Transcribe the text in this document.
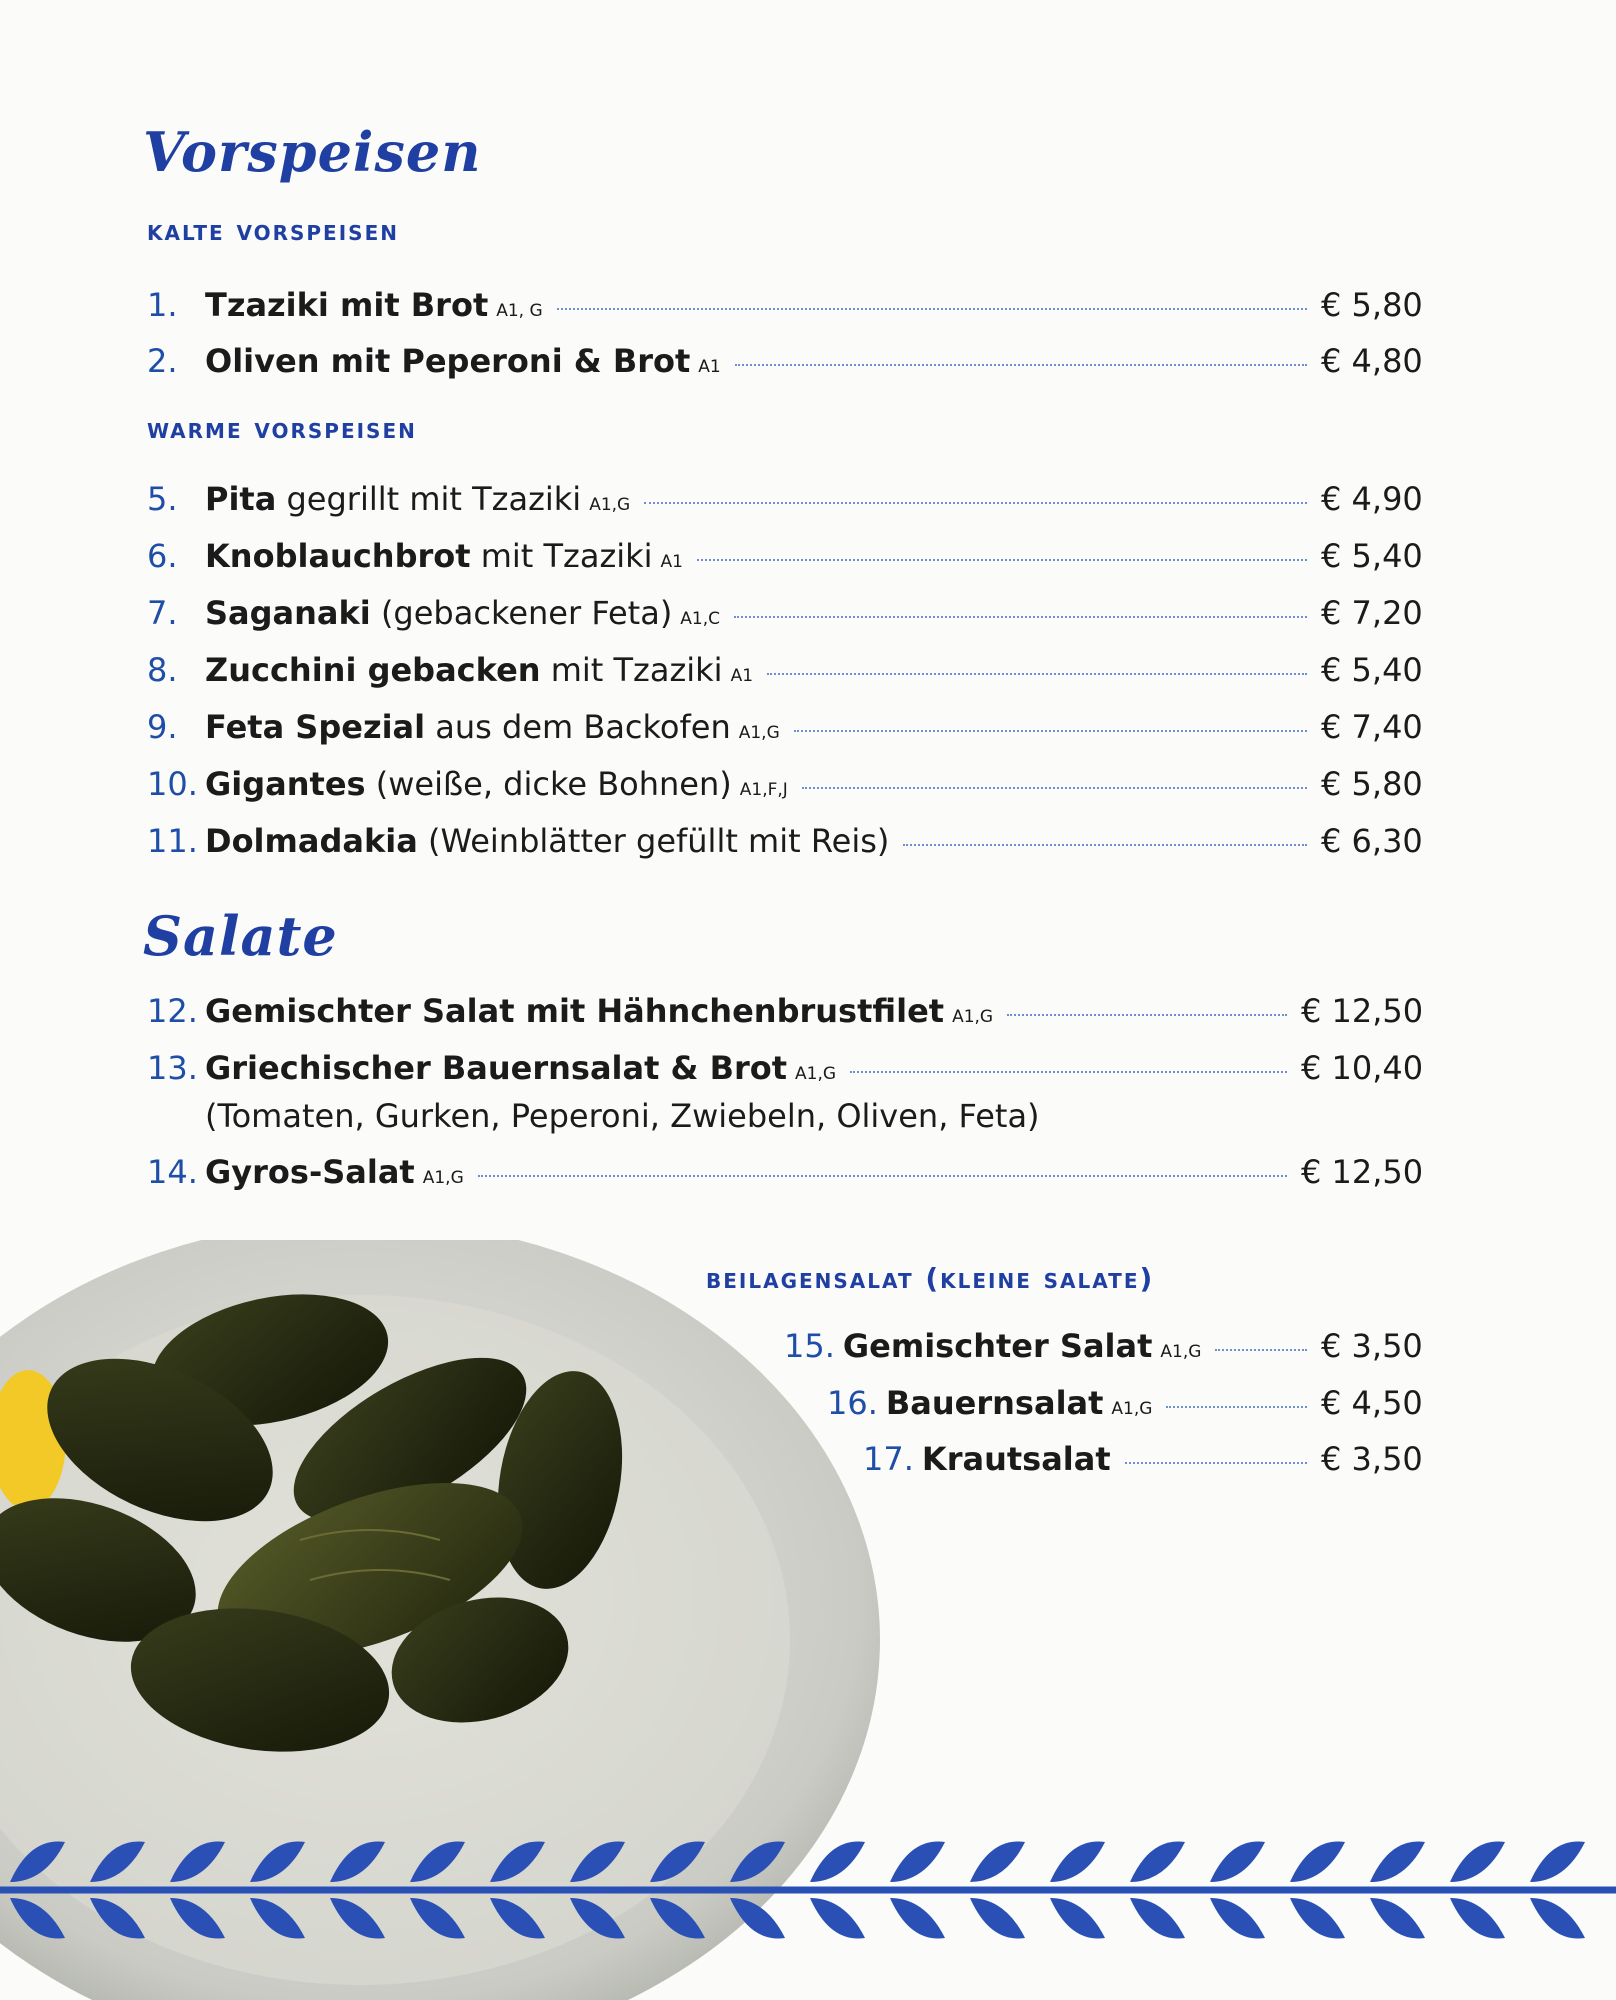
Vorspeisen
kalte vorspeisen
1. Tzaziki mit Brot A1, G	€ 5,80
2. Oliven mit Peperoni & Brot A1	€ 4,80
warme vorspeisen
5. Pita gegrillt mit Tzaziki A1,G	€ 4,90
6. Knoblauchbrot mit Tzaziki A1	€ 5,40
7. Saganaki (gebackener Feta) A1,C	€ 7,20
8. Zucchini gebacken mit Tzaziki A1	€ 5,40
9. Feta Spezial aus dem Backofen A1,G	€ 7,40
10. Gigantes (weiße, dicke Bohnen) A1,F,J	€ 5,80
11. Dolmadakia (Weinblätter gefüllt mit Reis)	€ 6,30
Salate
12. Gemischter Salat mit Hähnchenbrustfilet A1,G	€ 12,50
13. Griechischer Bauernsalat & Brot A1,G	€ 10,40
(Tomaten, Gurken, Peperoni, Zwiebeln, Oliven, Feta)
14. Gyros-Salat A1,G	€ 12,50
beilagensalat (kleine salate)
15. Gemischter Salat A1,G	€ 3,50
16. Bauernsalat A1,G	€ 4,50
17. Krautsalat	€ 3,50
